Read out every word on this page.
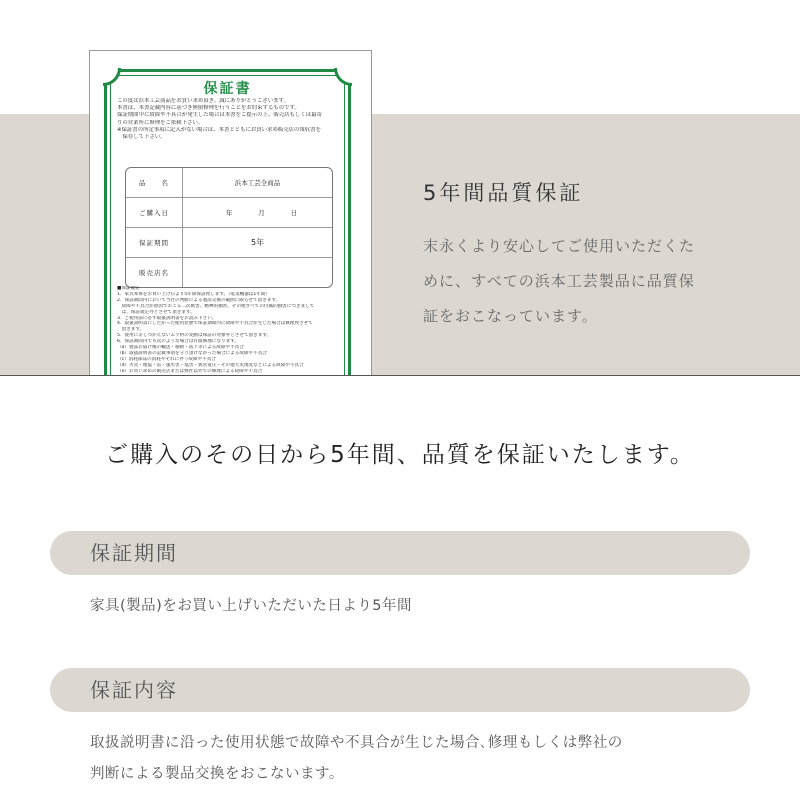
保証書
この度は浜本工芸商品をお買い求め頂き、誠にありがとうございます。
本書は、本書記載内容に基づき無償修理を行うことをお約束するものです。
保証期間中に故障や不具合が発生した場合は本書をご提示の上、販売店もしくは最寄
りの営業所に修理をご依頼下さい。
※保証書の所定事項に記入がない場合は、本書とともにお買い求め販売店の領収書を
　保存して下さい。
品　　名	浜本工芸全商品
ご購入日	年	月	日
保証期間	5年
販売店名
■保証規定
1．家具本体をお買い上げ日より5年間保証致します。（電気機器は1年間）
2．保証期間内において当社の判断による製品交換の範囲に限らせて頂きます。
　故障や不具合が原因でおこる二次被害、精神的損害、その他すべての付属的損害につきまして
　は、保証規定外とさせて頂きます。
3．ご使用前に必ず取扱説明書をお読み下さい。
4．取扱説明書にしたがった使用状態で保証期間内に故障や不具合が生じた場合は修理致させて
　頂きます。
5．使用に差しつかえないムラ材の変動は保証の対象外とさせて頂きます。
6．保証期間内でも次のような場合は有償修理になります。
（a）製品お届け後の輸送・移動・落下等による故障や不具合
（b）取扱説明書の記載事項を守り頂けなかった場合による故障や不具合
（c）消耗部品の消耗やそれに伴う故障や不具合
（d）火災・地震・雷・風水害・塩害・異常電圧・その他天災地変などによる故障や不具合
（e）お買い求めの販売店または弊社以外での修理による故障や不具合
5年間品質保証
末永くより安心してご使用いただくた
めに、すべての浜本工芸製品に品質保
証をおこなっています。
ご購入のその日から5年間、品質を保証いたします。
保証期間
家具(製品)をお買い上げいただいた日より5年間
保証内容
取扱説明書に沿った使用状態で故障や不具合が生じた場合､修理もしくは弊社の
判断による製品交換をおこないます。
